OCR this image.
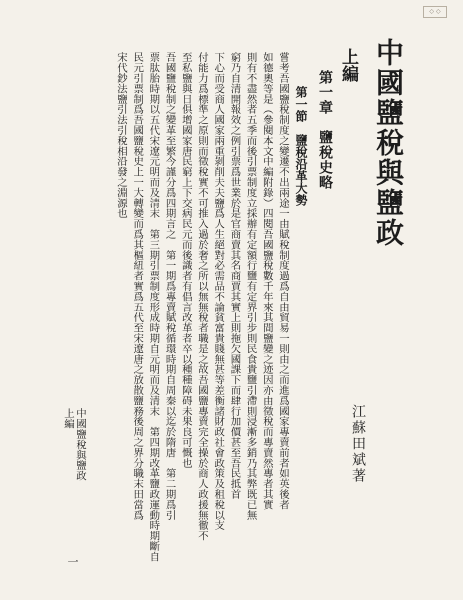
◇ ◇
中國鹽稅與鹽政
上編
第一章　鹽稅史略
第一節　鹽稅沿革大勢

嘗考吾國鹽稅制度之變遷不出兩途一由賦稅制度過爲自由貿易一則由之而進爲國家專賣前者如英後者

如德奧等是（參閱本文中編附錄）四閱吾國鹽稅數千年來其間鹽變之迹因亦由徵稅而專賣然專者其實

則有不盡然者五季而後引票制度立採辦有定額行鹽有定界引步則民食貴鹽引滯則浸漸多銷乃其弊既已無

窮乃自清開報效之例引票爲世業於是官商賣其名商賈其實上則拖欠國課下而肆行加價甚至吾民抵首

下心而受商人國家兩重剝削夫夫鹽爲人生絕對必需品不論貧富貴賤無甚等差衡諸財政社會政策及租稅以支

付能力爲標準之原則而徵稅實不可推入過於奢之所以無無稅者職是之故吾國鹽專賣完全操於商人政援無徹不

至私鹽與日俱增國家唐民窮上下交病民元而後識者有倡言改革者卒以種種障碍未果良可慨也

吾國鹽稅制之變革至繁今謹分爲四期言之　第一期爲專賣賦稅循環時期自周秦以迄於隋唐　第二期爲引

票肽胎時期以五代宋遼元明而及清末　第三期引票制度形成時期自元明而及清末　第四期改革鹽政運動時期斷自

民元引票制爲吾國鹽稅史上一大轉變而爲其樞紐者實爲五代至宋遼唐之放散鹽務後周之界分職末田當爲

宋代鈔法鹽引法引稅相沿發之淵源也

江蘇田斌著
中國鹽稅與鹽政
上編
一
